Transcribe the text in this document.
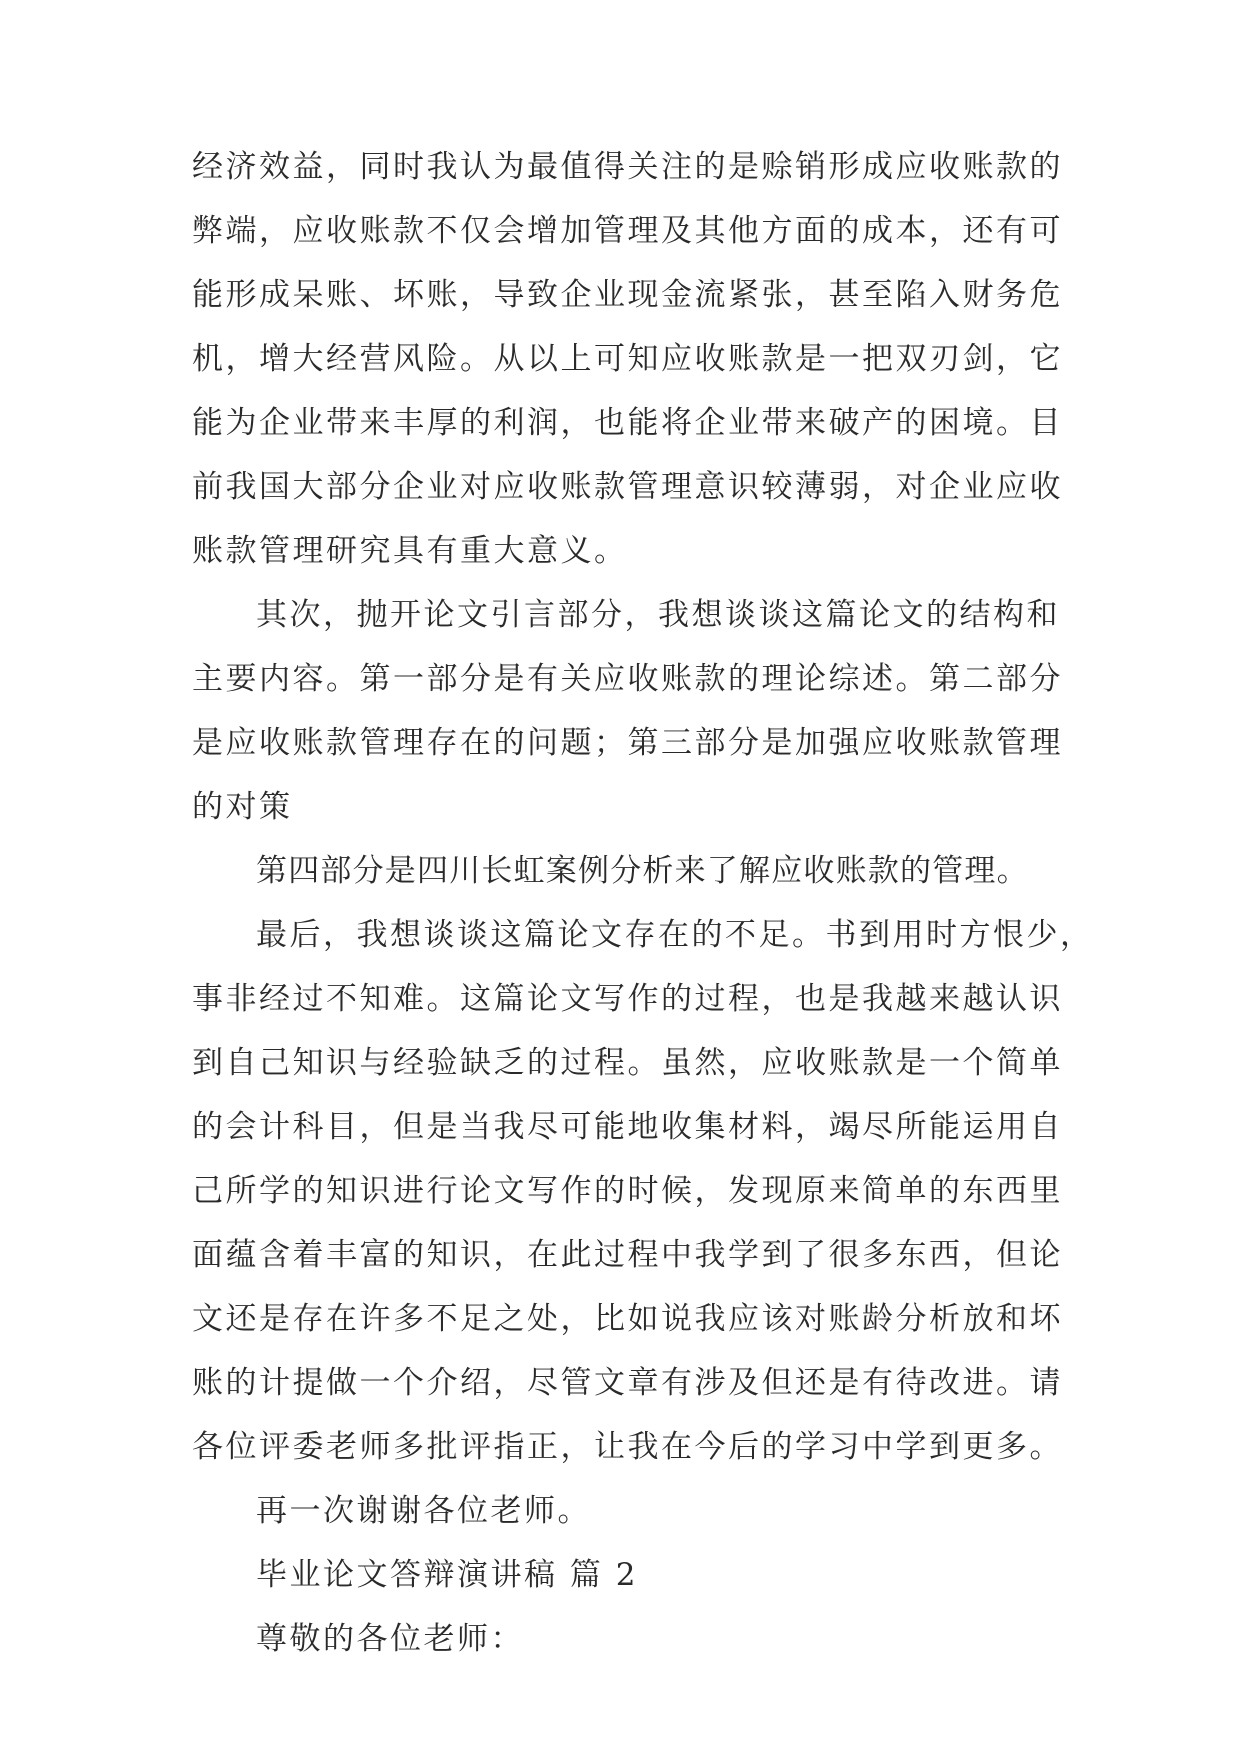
经济效益，同时我认为最值得关注的是赊销形成应收账款的
弊端，应收账款不仅会增加管理及其他方面的成本，还有可
能形成呆账、坏账，导致企业现金流紧张，甚至陷入财务危
机，增大经营风险。从以上可知应收账款是一把双刃剑，它
能为企业带来丰厚的利润，也能将企业带来破产的困境。目
前我国大部分企业对应收账款管理意识较薄弱，对企业应收
账款管理研究具有重大意义。
其次，抛开论文引言部分，我想谈谈这篇论文的结构和
主要内容。第一部分是有关应收账款的理论综述。第二部分
是应收账款管理存在的问题；第三部分是加强应收账款管理
的对策
第四部分是四川长虹案例分析来了解应收账款的管理。
最后，我想谈谈这篇论文存在的不足。书到用时方恨少，
事非经过不知难。这篇论文写作的过程，也是我越来越认识
到自己知识与经验缺乏的过程。虽然，应收账款是一个简单
的会计科目，但是当我尽可能地收集材料，竭尽所能运用自
己所学的知识进行论文写作的时候，发现原来简单的东西里
面蕴含着丰富的知识，在此过程中我学到了很多东西，但论
文还是存在许多不足之处，比如说我应该对账龄分析放和坏
账的计提做一个介绍，尽管文章有涉及但还是有待改进。请
各位评委老师多批评指正，让我在今后的学习中学到更多。
再一次谢谢各位老师。
毕业论文答辩演讲稿 篇 2
尊敬的各位老师：
